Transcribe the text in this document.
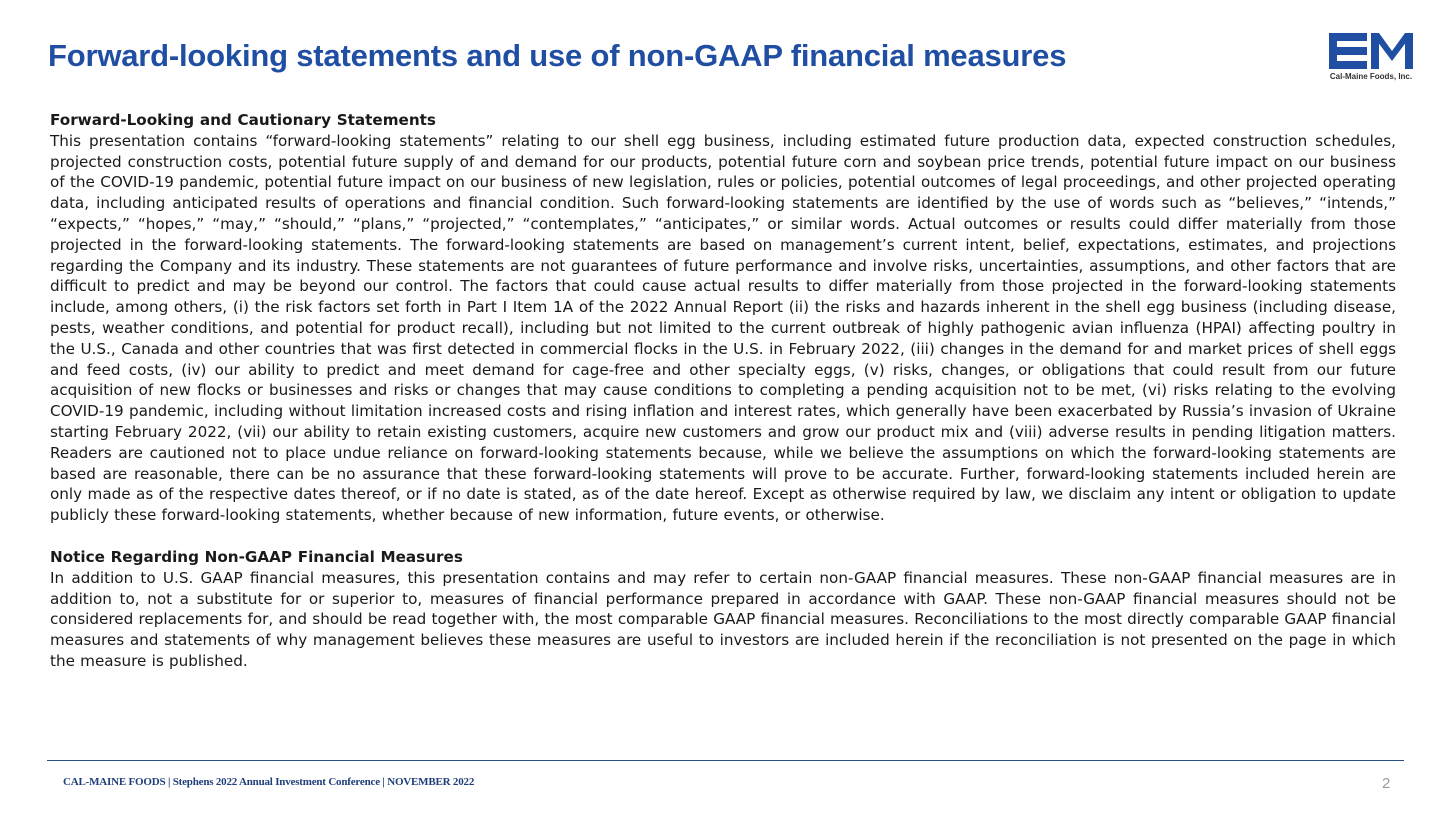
Forward-looking statements and use of non-GAAP financial measures
Cal-Maine Foods, Inc.

Forward-Looking and Cautionary Statements

This presentation contains “forward-looking statements” relating to our shell egg business, including estimated future production data, expected construction schedules, projected construction costs, potential future supply of and demand for our products, potential future corn and soybean price trends, potential future impact on our business of the COVID-19 pandemic, potential future impact on our business of new legislation, rules or policies, potential outcomes of legal proceedings, and other projected operating data, including anticipated results of operations and financial condition. Such forward-looking statements are identified by the use of words such as “believes,” “intends,” “expects,” “hopes,” “may,” “should,” “plans,” “projected,” “contemplates,” “anticipates,” or similar words. Actual outcomes or results could differ materially from those projected in the forward-looking statements. The forward-looking statements are based on management’s current intent, belief, expectations, estimates, and projections regarding the Company and its industry. These statements are not guarantees of future performance and involve risks, uncertainties, assumptions, and other factors that are difficult to predict and may be beyond our control. The factors that could cause actual results to differ materially from those projected in the forward-looking statements include, among others, (i) the risk factors set forth in Part I Item 1A of the 2022 Annual Report (ii) the risks and hazards inherent in the shell egg business (including disease, pests, weather conditions, and potential for product recall), including but not limited to the current outbreak of highly pathogenic avian influenza (HPAI) affecting poultry in the U.S., Canada and other countries that was first detected in commercial flocks in the U.S. in February 2022, (iii) changes in the demand for and market prices of shell eggs and feed costs, (iv) our ability to predict and meet demand for cage-free and other specialty eggs, (v) risks, changes, or obligations that could result from our future acquisition of new flocks or businesses and risks or changes that may cause conditions to completing a pending acquisition not to be met, (vi) risks relating to the evolving COVID-19 pandemic, including without limitation increased costs and rising inflation and interest rates, which generally have been exacerbated by Russia’s invasion of Ukraine starting February 2022, (vii) our ability to retain existing customers, acquire new customers and grow our product mix and (viii) adverse results in pending litigation matters. Readers are cautioned not to place undue reliance on forward-looking statements because, while we believe the assumptions on which the forward-looking statements are based are reasonable, there can be no assurance that these forward-looking statements will prove to be accurate. Further, forward-looking statements included herein are only made as of the respective dates thereof, or if no date is stated, as of the date hereof. Except as otherwise required by law, we disclaim any intent or obligation to update publicly these forward-looking statements, whether because of new information, future events, or otherwise.

Notice Regarding Non-GAAP Financial Measures

In addition to U.S. GAAP financial measures, this presentation contains and may refer to certain non-GAAP financial measures. These non-GAAP financial measures are in addition to, not a substitute for or superior to, measures of financial performance prepared in accordance with GAAP. These non-GAAP financial measures should not be considered replacements for, and should be read together with, the most comparable GAAP financial measures. Reconciliations to the most directly comparable GAAP financial measures and statements of why management believes these measures are useful to investors are included herein if the reconciliation is not presented on the page in which the measure is published.

CAL-MAINE FOODS | Stephens 2022 Annual Investment Conference | NOVEMBER 2022	2
